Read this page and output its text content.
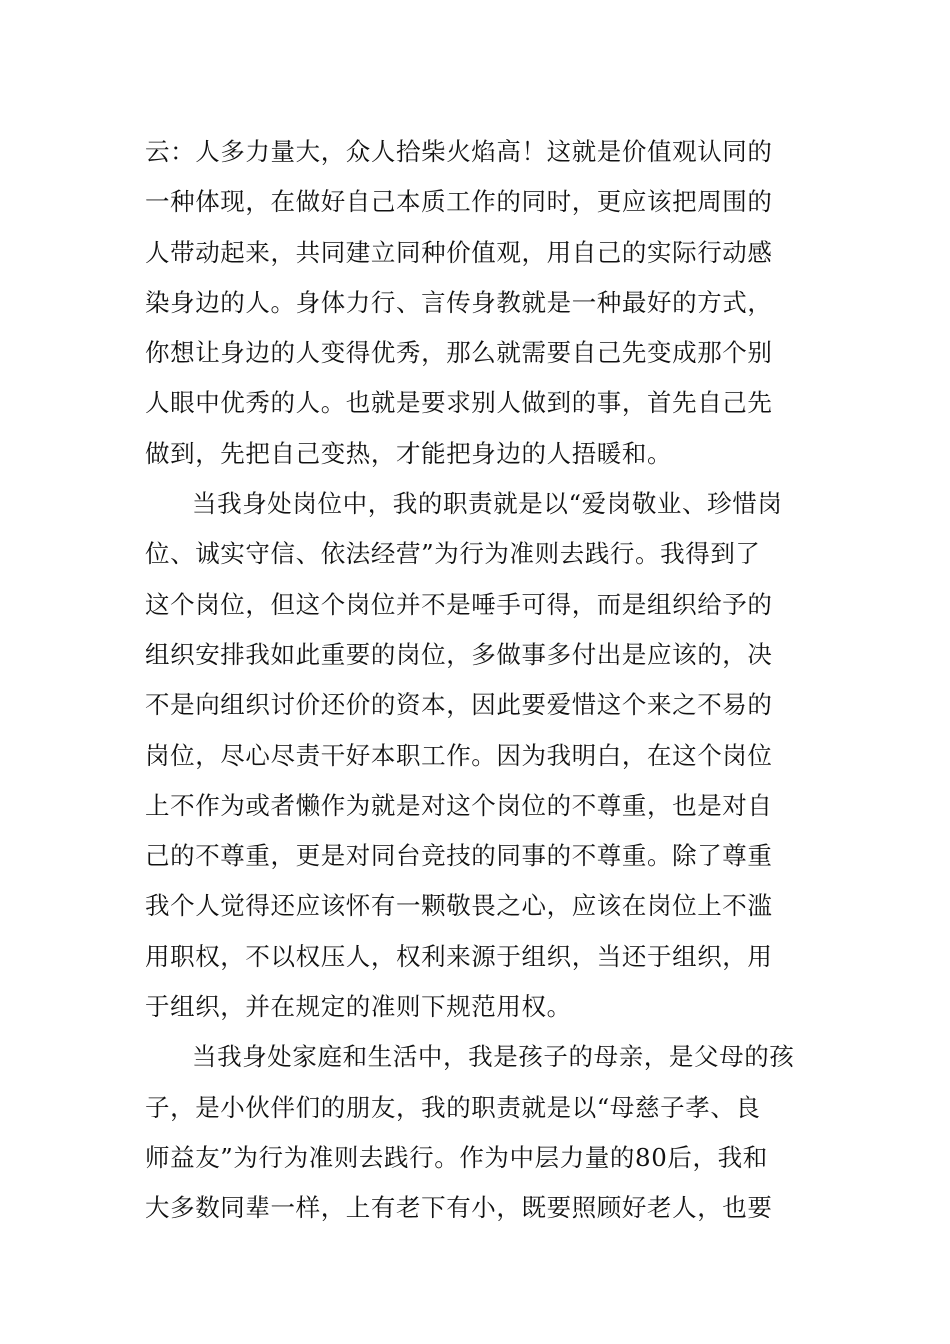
云：人多力量大，众人拾柴火焰高！这就是价值观认同的
一种体现，在做好自己本质工作的同时，更应该把周围的
人带动起来，共同建立同种价值观，用自己的实际行动感
染身边的人。身体力行、言传身教就是一种最好的方式，
你想让身边的人变得优秀，那么就需要自己先变成那个别
人眼中优秀的人。也就是要求别人做到的事，首先自己先
做到，先把自己变热，才能把身边的人捂暖和。
当我身处岗位中，我的职责就是以“爱岗敬业、珍惜岗
位、诚实守信、依法经营”为行为准则去践行。我得到了
这个岗位，但这个岗位并不是唾手可得，而是组织给予的
组织安排我如此重要的岗位，多做事多付出是应该的，决
不是向组织讨价还价的资本，因此要爱惜这个来之不易的
岗位，尽心尽责干好本职工作。因为我明白，在这个岗位
上不作为或者懒作为就是对这个岗位的不尊重，也是对自
己的不尊重，更是对同台竞技的同事的不尊重。除了尊重
我个人觉得还应该怀有一颗敬畏之心，应该在岗位上不滥
用职权，不以权压人，权利来源于组织，当还于组织，用
于组织，并在规定的准则下规范用权。
当我身处家庭和生活中，我是孩子的母亲，是父母的孩
子，是小伙伴们的朋友，我的职责就是以“母慈子孝、良
师益友”为行为准则去践行。作为中层力量的80后，我和
大多数同辈一样，上有老下有小，既要照顾好老人，也要
